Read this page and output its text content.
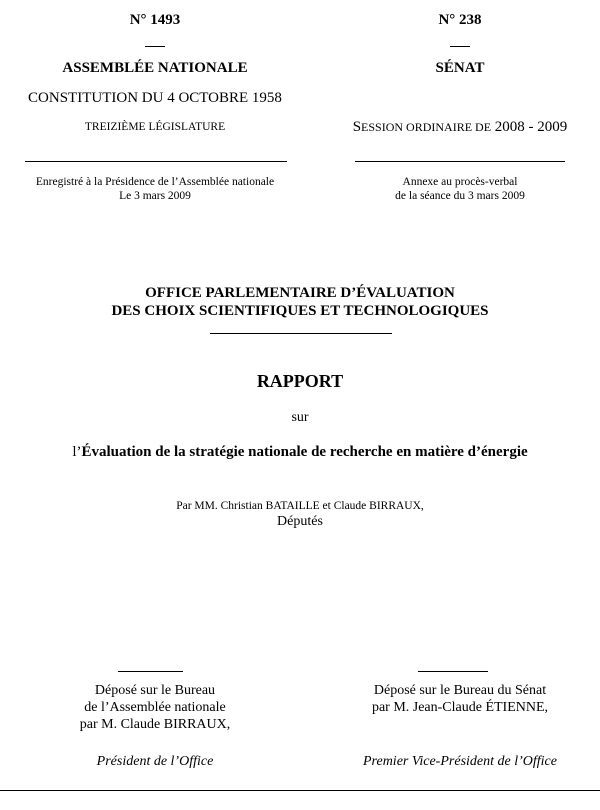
N° 1493
ASSEMBLÉE NATIONALE
CONSTITUTION DU 4 OCTOBRE 1958
TREIZIÈME LÉGISLATURE
Enregistré à la Présidence de l’Assemblée nationale
Le 3 mars 2009
N° 238
SÉNAT
SESSION ORDINAIRE DE 2008 - 2009
Annexe au procès-verbal
de la séance du 3 mars 2009
OFFICE PARLEMENTAIRE D’ÉVALUATION
DES CHOIX SCIENTIFIQUES ET TECHNOLOGIQUES
RAPPORT
sur
l’Évaluation de la stratégie nationale de recherche en matière d’énergie
Par MM. Christian BATAILLE et Claude BIRRAUX,
Députés
Déposé sur le Bureau
de l’Assemblée nationale
par M. Claude BIRRAUX,
Déposé sur le Bureau du Sénat
par M. Jean-Claude ÉTIENNE,
Président de l’Office	Premier Vice-Président de l’Office
